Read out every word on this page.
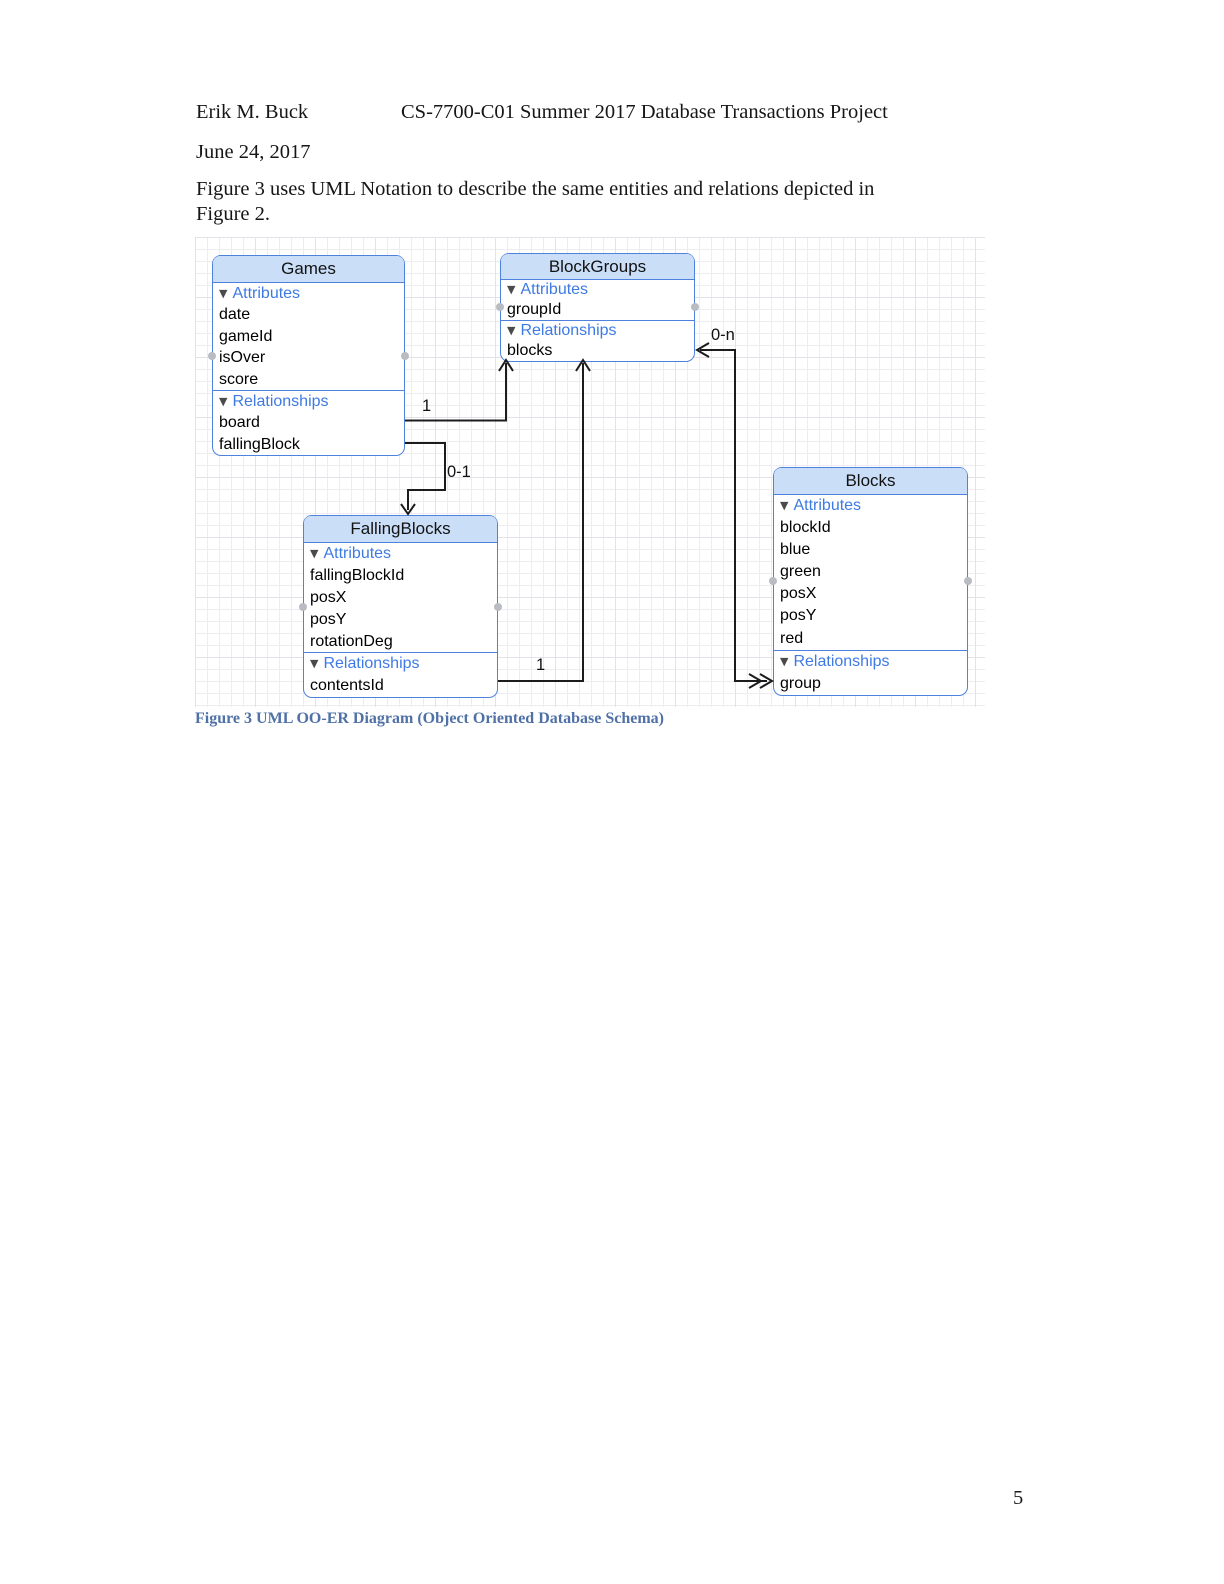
Erik M. Buck	CS-7700-C01 Summer 2017 Database Transactions Project
June 24, 2017
Figure 3 uses UML Notation to describe the same entities and relations depicted in
Figure 2.
Games
▼ Attributes
date
gameId
isOver
score
▼ Relationships
board
fallingBlock
BlockGroups
▼ Attributes
groupId
▼ Relationships
blocks
FallingBlocks
▼ Attributes
fallingBlockId
posX
posY
rotationDeg
▼ Relationships
contentsId
Blocks
▼ Attributes
blockId
blue
green
posX
posY
red
▼ Relationships
group
1
0-1
1
0-n
Figure 3 UML OO-ER Diagram (Object Oriented Database Schema)
5
